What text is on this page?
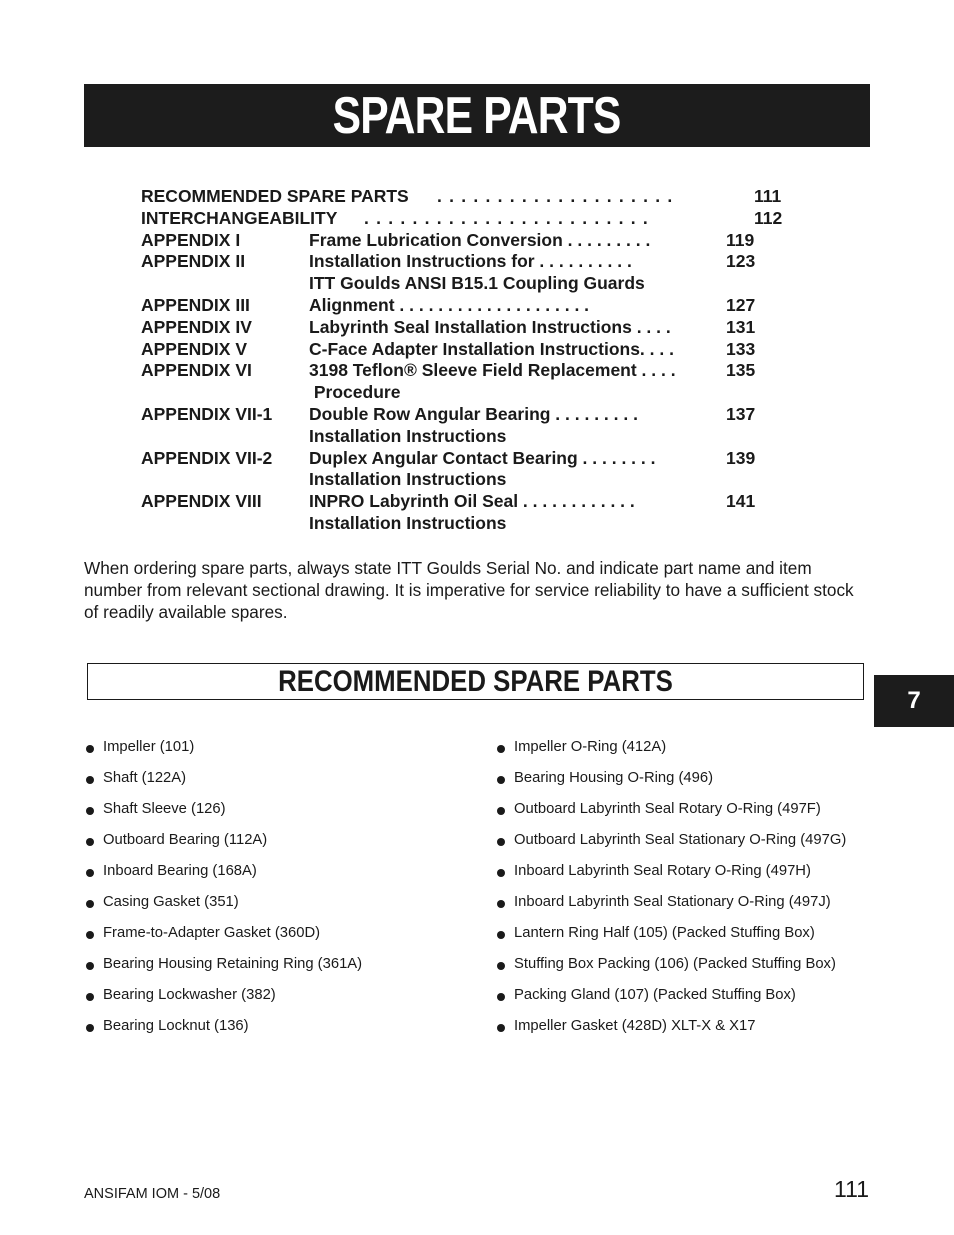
SPARE PARTS
RECOMMENDED SPARE PARTS . . . . . . . . . . . . . . . . . . . .	111
INTERCHANGEABILITY . . . . . . . . . . . . . . . . . . . . . . . .	112
APPENDIX I	Frame Lubrication Conversion . . . . . . . . .	119
APPENDIX II	Installation Instructions for . . . . . . . . . .	123
ITT Goulds ANSI B15.1 Coupling Guards
APPENDIX III	Alignment . . . . . . . . . . . . . . . . . . . .	127
APPENDIX IV	Labyrinth Seal Installation Instructions . . . .	131
APPENDIX V	C-Face Adapter Installation Instructions. . . .	133
APPENDIX VI	3198 Teflon® Sleeve Field Replacement . . . .	135
Procedure
APPENDIX VII-1 Double Row Angular Bearing . . . . . . . . .	137
Installation Instructions
APPENDIX VII-2 Duplex Angular Contact Bearing . . . . . . . .	139
Installation Instructions
APPENDIX VIII	INPRO Labyrinth Oil Seal . . . . . . . . . . . .	141
Installation Instructions

When ordering spare parts, always state ITT Goulds Serial No. and indicate part name and item number from relevant sectional drawing. It is imperative for service reliability to have a sufficient stock of readily available spares.

RECOMMENDED SPARE PARTS
7
Impeller (101)
Shaft (122A)
Shaft Sleeve (126)
Outboard Bearing (112A)
Inboard Bearing (168A)
Casing Gasket (351)
Frame-to-Adapter Gasket (360D)
Bearing Housing Retaining Ring (361A)
Bearing Lockwasher (382)
Bearing Locknut (136)
Impeller O-Ring (412A)
Bearing Housing O-Ring (496)
Outboard Labyrinth Seal Rotary O-Ring (497F)
Outboard Labyrinth Seal Stationary O-Ring (497G)
Inboard Labyrinth Seal Rotary O-Ring (497H)
Inboard Labyrinth Seal Stationary O-Ring (497J)
Lantern Ring Half (105) (Packed Stuffing Box)
Stuffing Box Packing (106) (Packed Stuffing Box)
Packing Gland (107) (Packed Stuffing Box)
Impeller Gasket (428D) XLT-X & X17
ANSIFAM IOM - 5/08	111
